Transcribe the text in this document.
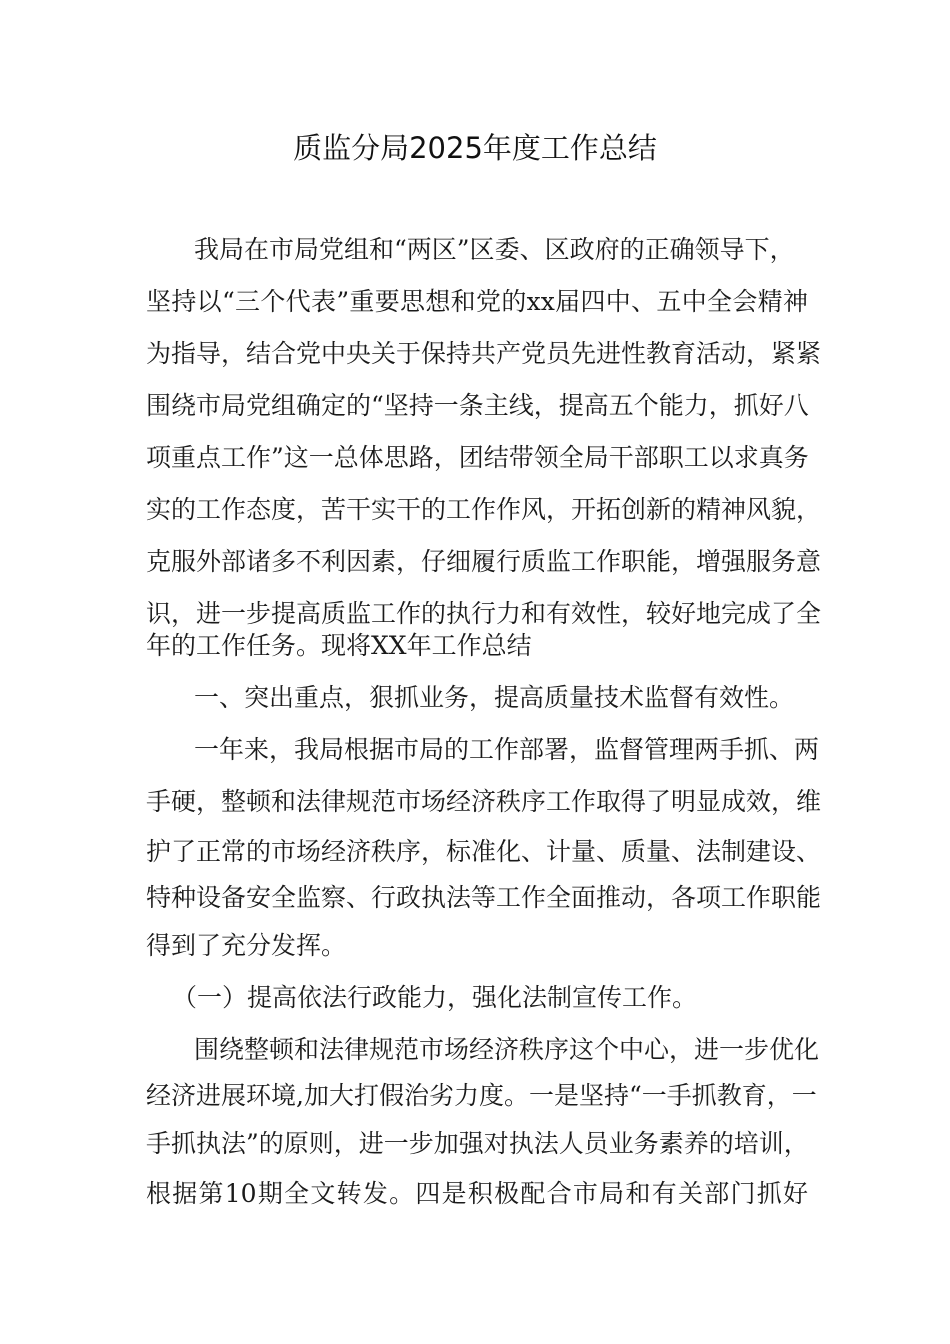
质监分局2025年度工作总结
我局在市局党组和“两区”区委、区政府的正确领导下，
坚持以“三个代表”重要思想和党的xx届四中、五中全会精神
为指导，结合党中央关于保持共产党员先进性教育活动，紧紧
围绕市局党组确定的“坚持一条主线，提高五个能力，抓好八
项重点工作”这一总体思路，团结带领全局干部职工以求真务
实的工作态度，苦干实干的工作作风，开拓创新的精神风貌，
克服外部诸多不利因素，仔细履行质监工作职能，增强服务意
识，进一步提高质监工作的执行力和有效性，较好地完成了全
年的工作任务。现将XX年工作总结
一、突出重点，狠抓业务，提高质量技术监督有效性。
一年来，我局根据市局的工作部署，监督管理两手抓、两
手硬，整顿和法律规范市场经济秩序工作取得了明显成效，维
护了正常的市场经济秩序，标准化、计量、质量、法制建设、
特种设备安全监察、行政执法等工作全面推动，各项工作职能
得到了充分发挥。
（一）提高依法行政能力，强化法制宣传工作。
围绕整顿和法律规范市场经济秩序这个中心，进一步优化
经济进展环境,加大打假治劣力度。一是坚持“一手抓教育，一
手抓执法”的原则，进一步加强对执法人员业务素养的培训，
根据第10期全文转发。四是积极配合市局和有关部门抓好
